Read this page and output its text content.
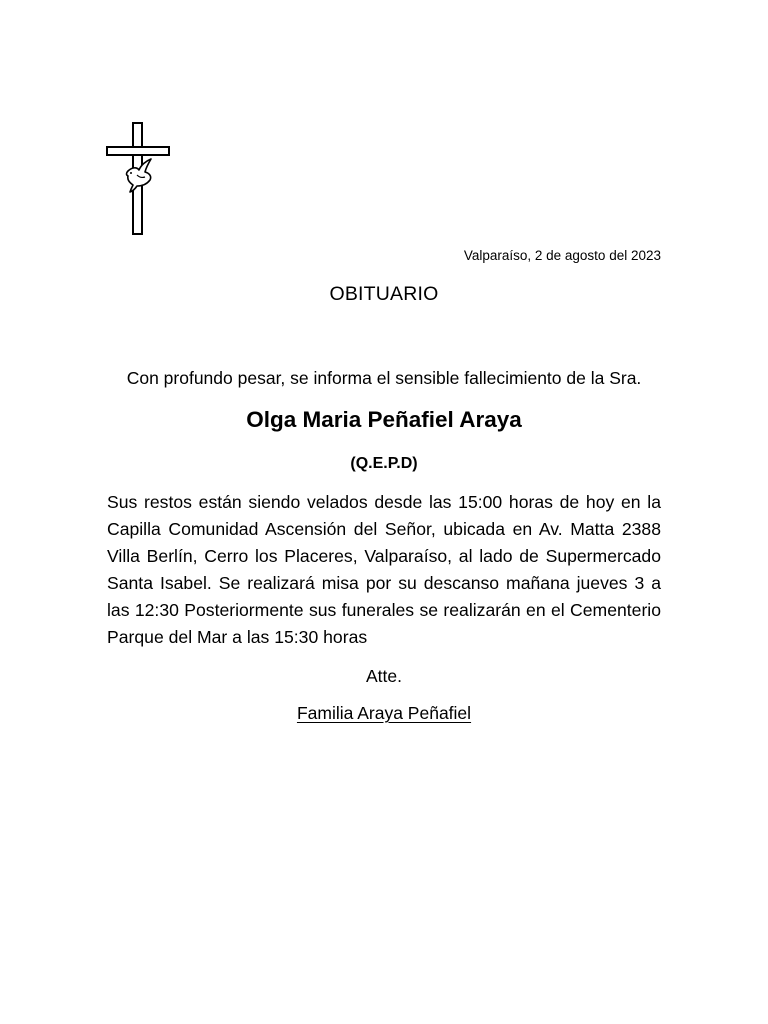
Valparaíso, 2 de agosto del 2023
OBITUARIO
Con profundo pesar, se informa el sensible fallecimiento de la Sra.
Olga Maria Peñafiel Araya
(Q.E.P.D)

Sus restos están siendo velados desde las 15:00 horas de hoy en la Capilla Comunidad Ascensión del Señor, ubicada en Av. Matta 2388 Villa Berlín, Cerro los Placeres, Valparaíso, al lado de Supermercado Santa Isabel. Se realizará misa por su descanso mañana jueves 3 a las 12:30 Posteriormente sus funerales se realizarán en el Cementerio Parque del Mar a las 15:30 horas

Atte.
Familia Araya Peñafiel
